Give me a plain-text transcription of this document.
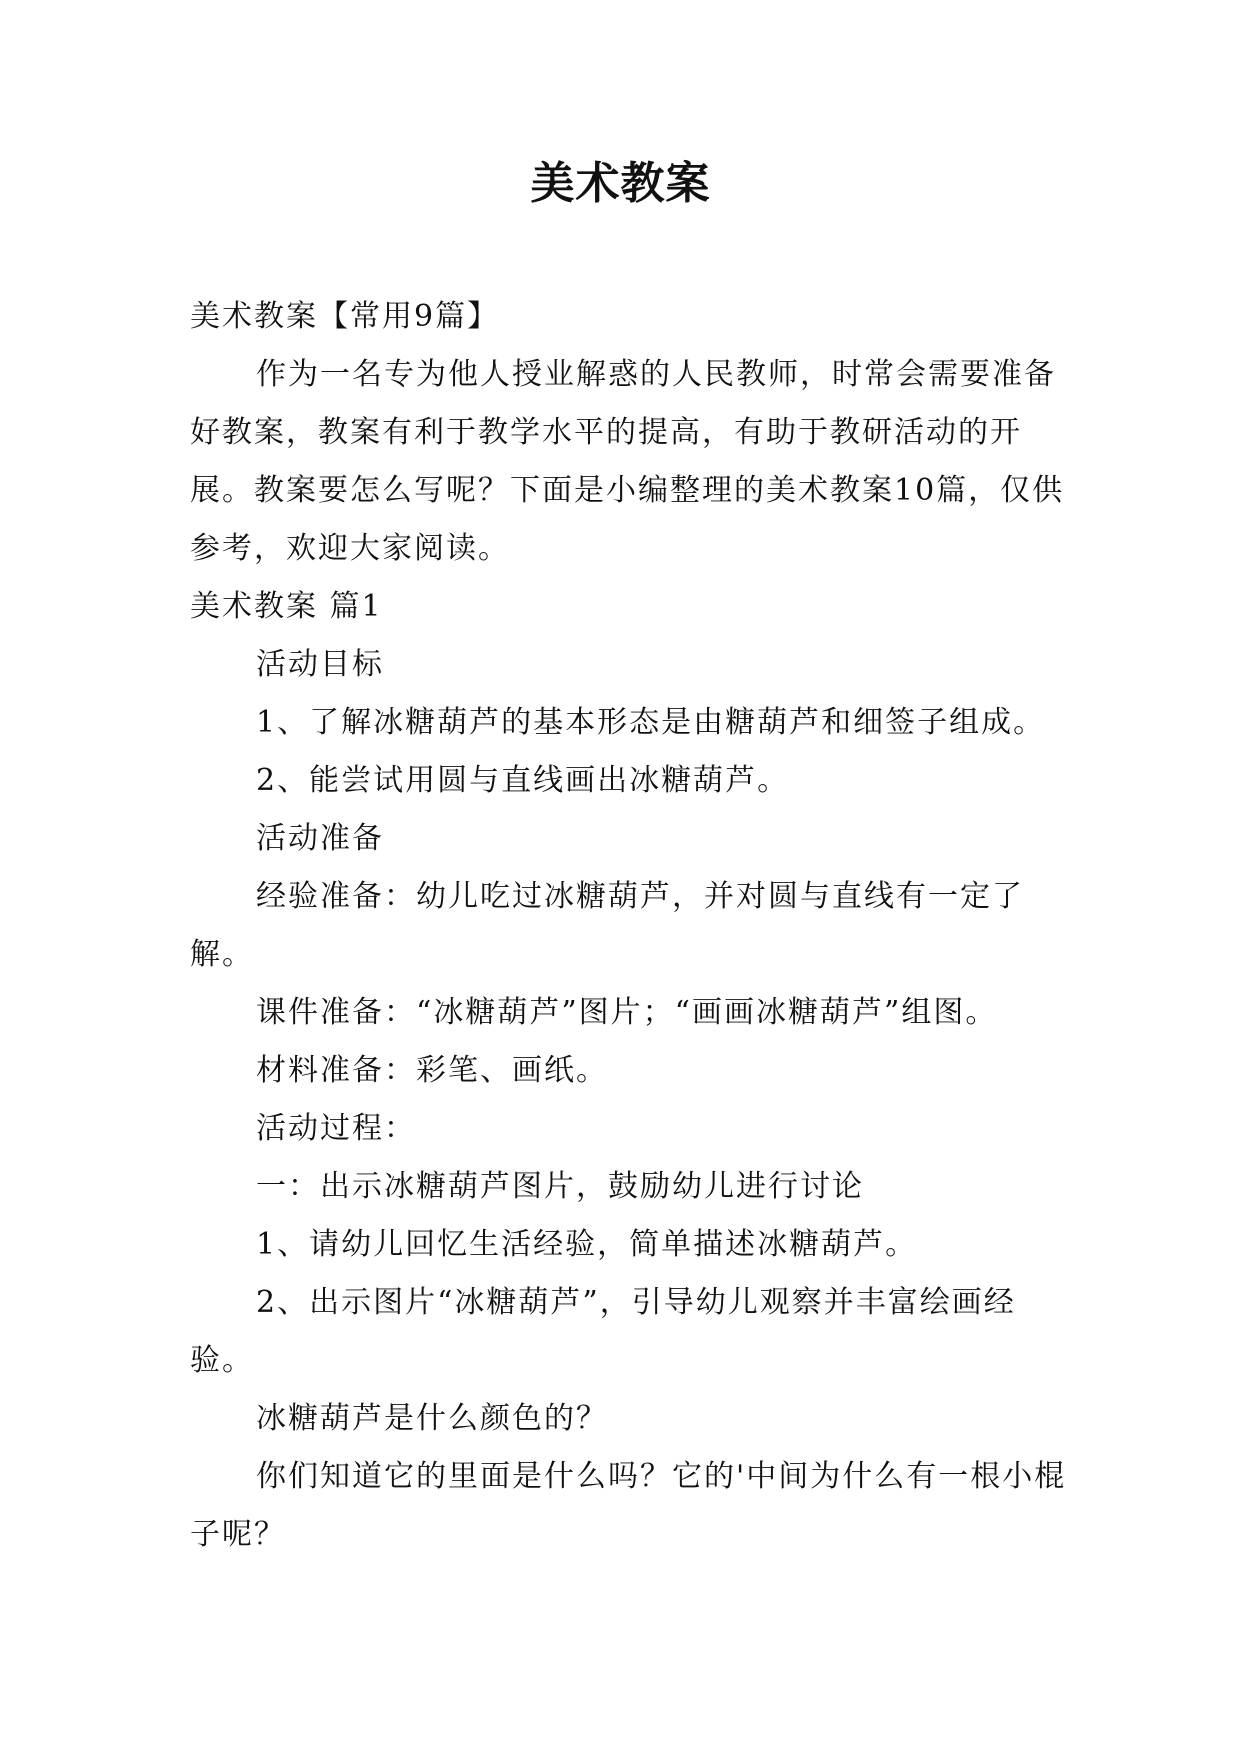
美术教案

美术教案【常用9篇】

作为一名专为他人授业解惑的人民教师，时常会需要准备好教案，教案有利于教学水平的提高，有助于教研活动的开展。教案要怎么写呢？下面是小编整理的美术教案10篇，仅供参考，欢迎大家阅读。

美术教案 篇1

活动目标

1、了解冰糖葫芦的基本形态是由糖葫芦和细签子组成。

2、能尝试用圆与直线画出冰糖葫芦。

活动准备

经验准备：幼儿吃过冰糖葫芦，并对圆与直线有一定了解。

课件准备：“冰糖葫芦”图片；“画画冰糖葫芦”组图。

材料准备：彩笔、画纸。

活动过程：

一：出示冰糖葫芦图片，鼓励幼儿进行讨论

1、请幼儿回忆生活经验，简单描述冰糖葫芦。

2、出示图片“冰糖葫芦”，引导幼儿观察并丰富绘画经验。

冰糖葫芦是什么颜色的？

你们知道它的里面是什么吗？它的'中间为什么有一根小棍子呢？
